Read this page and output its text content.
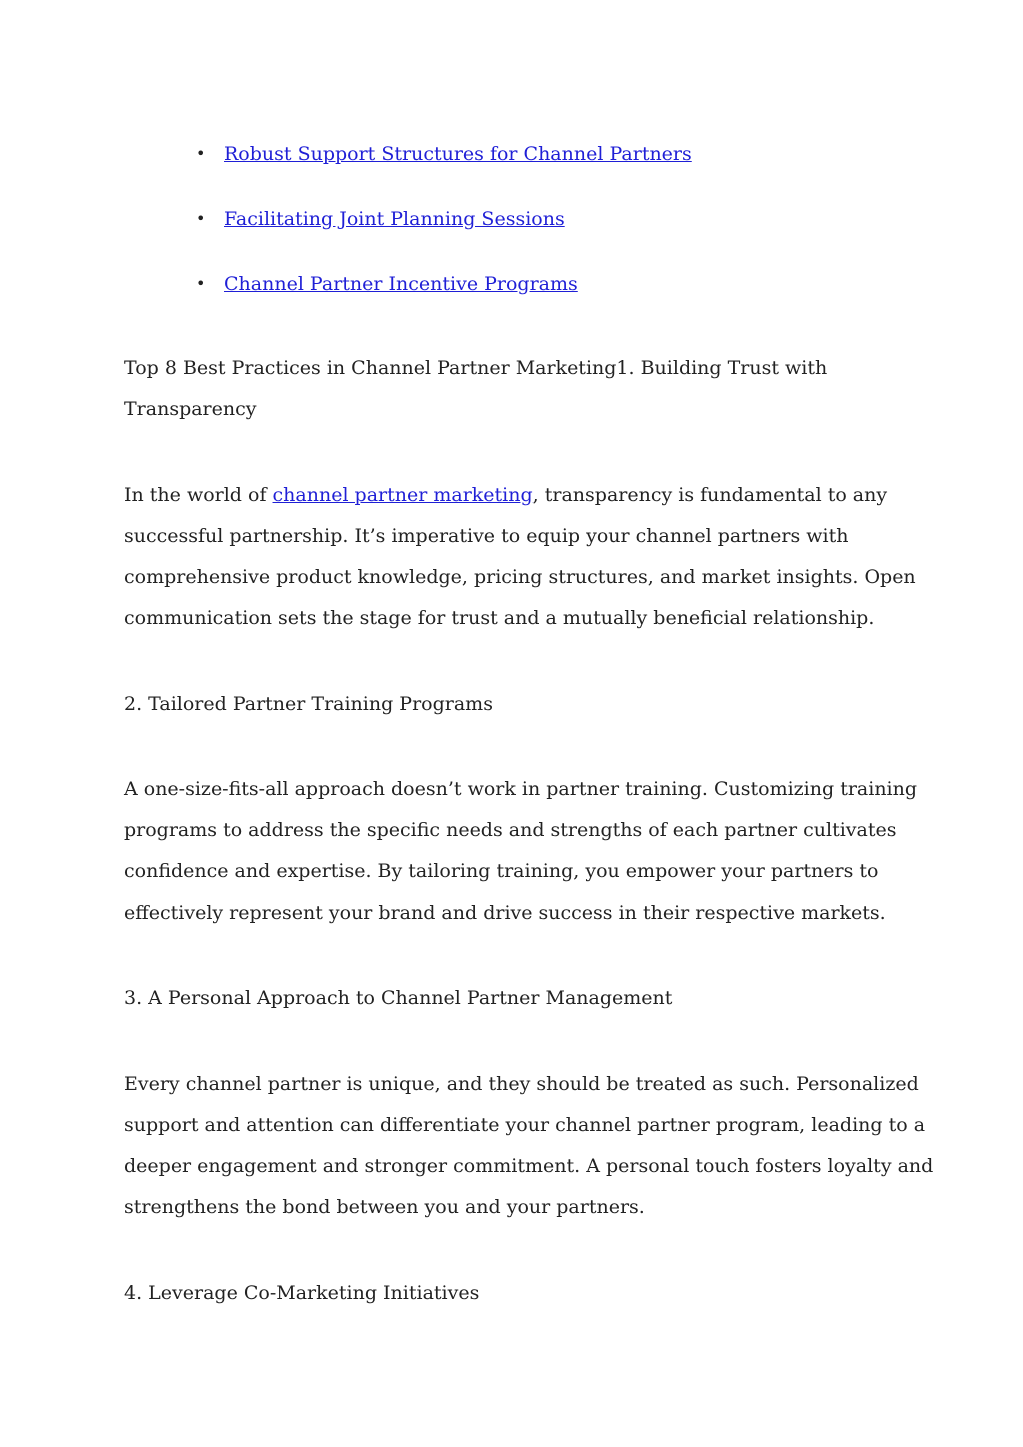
• Robust Support Structures for Channel Partners
• Facilitating Joint Planning Sessions
• Channel Partner Incentive Programs
Top 8 Best Practices in Channel Partner Marketing1. Building Trust with
Transparency
In the world of channel partner marketing, transparency is fundamental to any
successful partnership. It’s imperative to equip your channel partners with
comprehensive product knowledge, pricing structures, and market insights. Open
communication sets the stage for trust and a mutually beneficial relationship.
2. Tailored Partner Training Programs
A one-size-fits-all approach doesn’t work in partner training. Customizing training
programs to address the specific needs and strengths of each partner cultivates
confidence and expertise. By tailoring training, you empower your partners to
effectively represent your brand and drive success in their respective markets.
3. A Personal Approach to Channel Partner Management
Every channel partner is unique, and they should be treated as such. Personalized
support and attention can differentiate your channel partner program, leading to a
deeper engagement and stronger commitment. A personal touch fosters loyalty and
strengthens the bond between you and your partners.
4. Leverage Co-Marketing Initiatives
